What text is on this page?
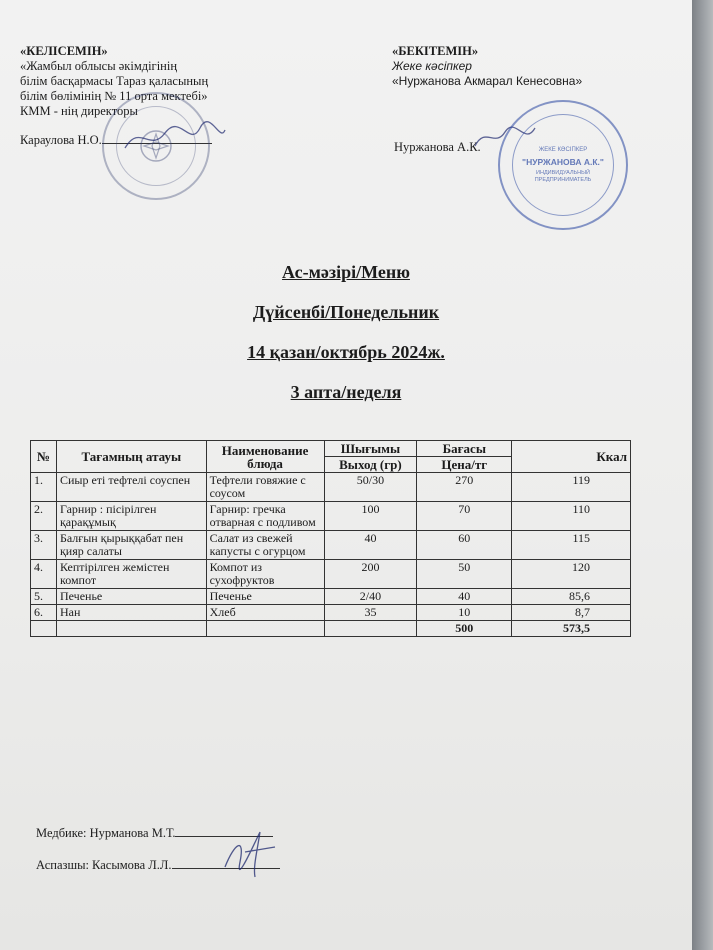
«КЕЛІСЕМІН»
«Жамбыл облысы әкімдігінің
білім басқармасы Тараз қаласының
білім бөлімінің № 11 орта мектебі»
КММ - нің директоры
Караулова Н.О.
«БЕКІТЕМІН»
Жеке кәсіпкер
«Нуржанова Акмарал Кенесовна»
Нуржанова А.К.	ЖЕКЕ КӘСІПКЕР
"НУРЖАНОВА А.К."
ИНДИВИДУАЛЬНЫЙ ПРЕДПРИНИМАТЕЛЬ
Ас-мәзірі/Меню
Дүйсенбі/Понедельник
14 қазан/октябрь 2024ж.
3 апта/неделя
№	Тағамның атауы	Наименование блюда	Шығымы	Бағасы	Ккал
			Выход (гр)	Цена/тг	
1.	Сиыр еті тефтелі соуспен	Тефтели говяжие с соусом	50/30	270	119
2.	Гарнир : пісірілген қарақұмық	Гарнир: гречка отварная с подливом	100	70	110
3.	Балғын қырыққабат пен қияр салаты	Салат из свежей капусты с огурцом	40	60	115
4.	Кептірілген жемістен компот	Компот из сухофруктов	200	50	120
5.	Печенье	Печенье	2/40	40	85,6
6.	Нан	Хлеб	35	10	8,7
				500	573,5
Медбике: Нурманова М.Т.
Аспазшы: Касымова Л.Л.
